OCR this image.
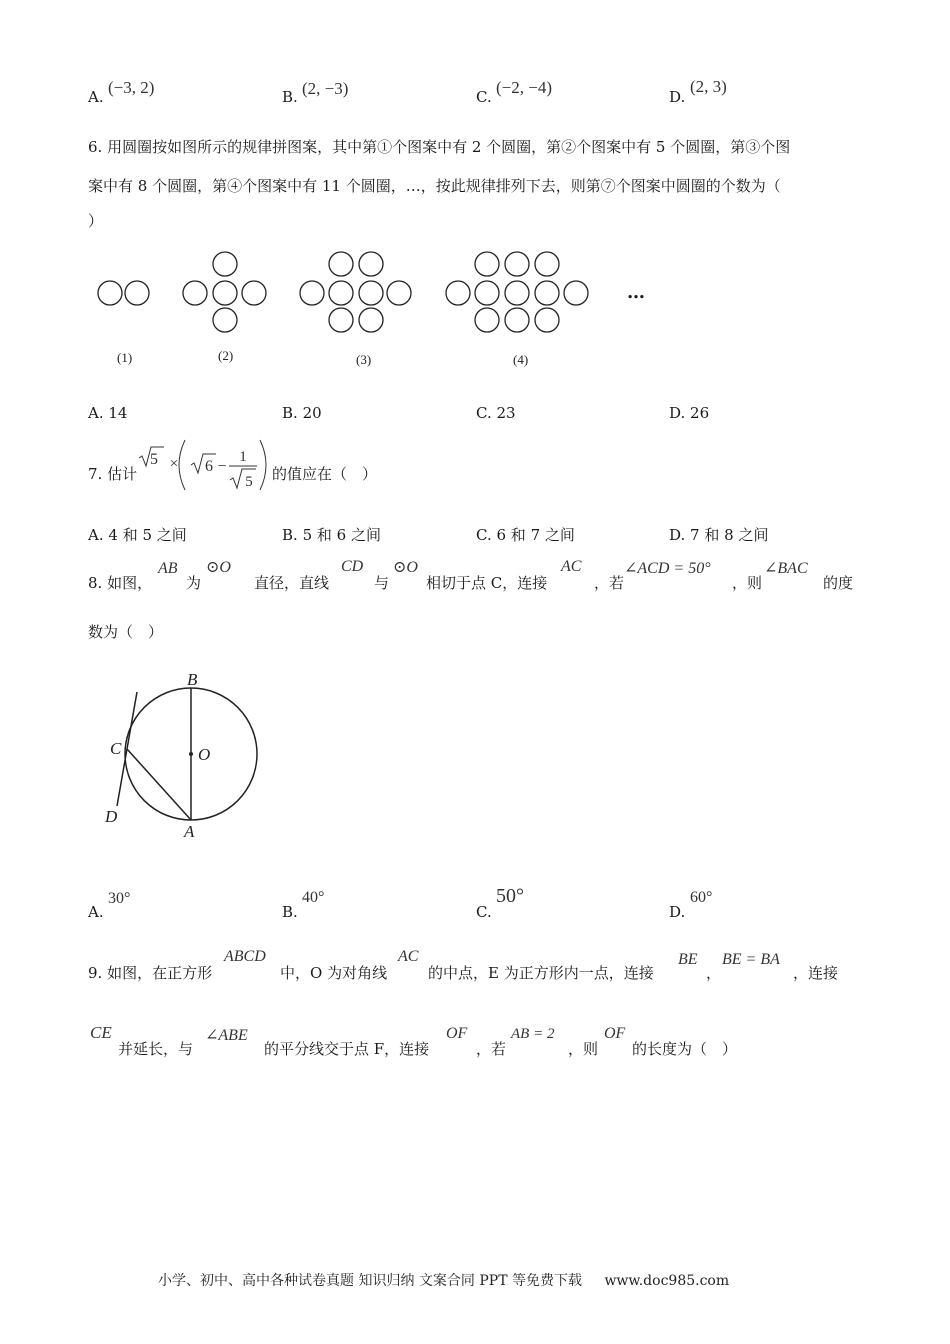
A. (−3, 2)	B. (2, −3)	C. (−2, −4)	D.
(2, 3)
6. 用圆圈按如图所示的规律拼图案，其中第①个图案中有 2 个圆圈，第②个图案中有 5 个圆圈，第③个图
案中有 8 个圆圈，第④个图案中有 11 个圆圈，…，按此规律排列下去，则第⑦个图案中圆圈的个数为（
）
…
(1)	(2)	(3)	(4)
A. 14	B. 20	C. 23	D. 26
7. 估计
5 × 6 −
1
5 的值应在（　）
A. 4 和 5 之间	B. 5 和 6 之间	C. 6 和 7 之间	D. 7 和 8 之间
8. 如图，
AB
为
⊙O
直径，直线
CD
与
⊙O
相切于点 C，连接
AC
，若
∠ACD = 50°
，则
∠BAC
的度
数为（　）
B
C	O
D
A
A.
30°
B.
40°
C.
50°
D.
60°
9. 如图，在正方形
ABCD
中，O 为对角线
AC
的中点，E 为正方形内一点，连接
BE
，
BE = BA
，连接
CE
并延长，与
∠ABE
的平分线交于点 F，连接
OF
，若
AB = 2
，则
OF
的长度为（　）
小学、初中、高中各种试卷真题 知识归纳 文案合同 PPT 等免费下载 www.doc985.com
